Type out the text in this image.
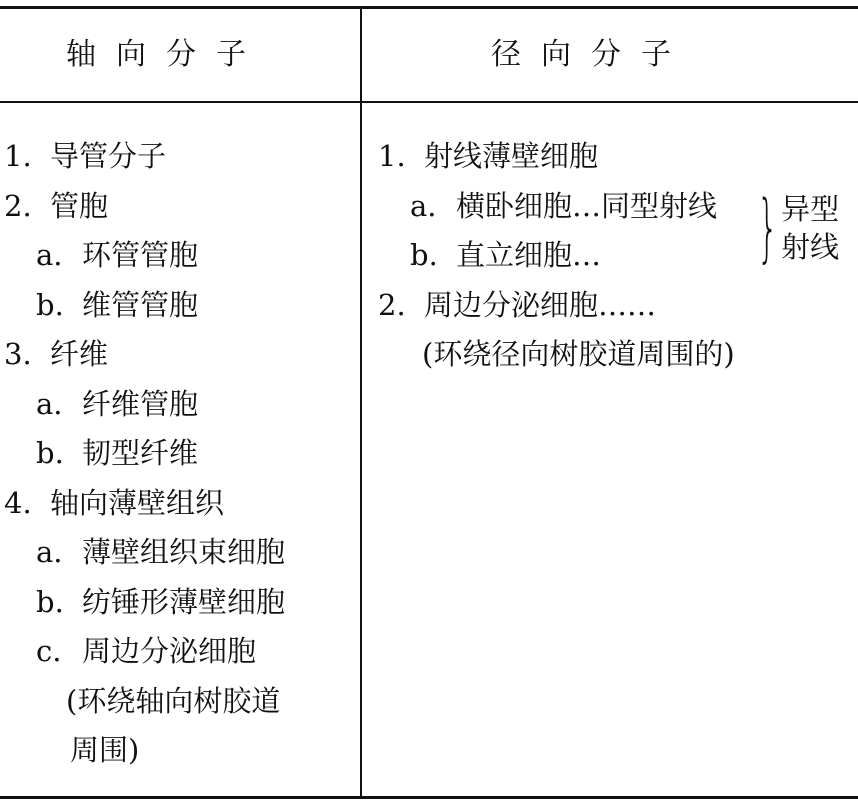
轴向分子	径向分子
1. 导管分子
2. 管胞
a. 环管管胞
b. 维管管胞
3. 纤维
a. 纤维管胞
b. 韧型纤维
4. 轴向薄壁组织
a. 薄壁组织束细胞
b. 纺锤形薄壁细胞
c. 周边分泌细胞
(环绕轴向树胶道
周围)
1. 射线薄壁细胞
a. 横卧细胞…同型射线
b. 直立细胞…
2. 周边分泌细胞……
(环绕径向树胶道周围的)
} 异型
射线
